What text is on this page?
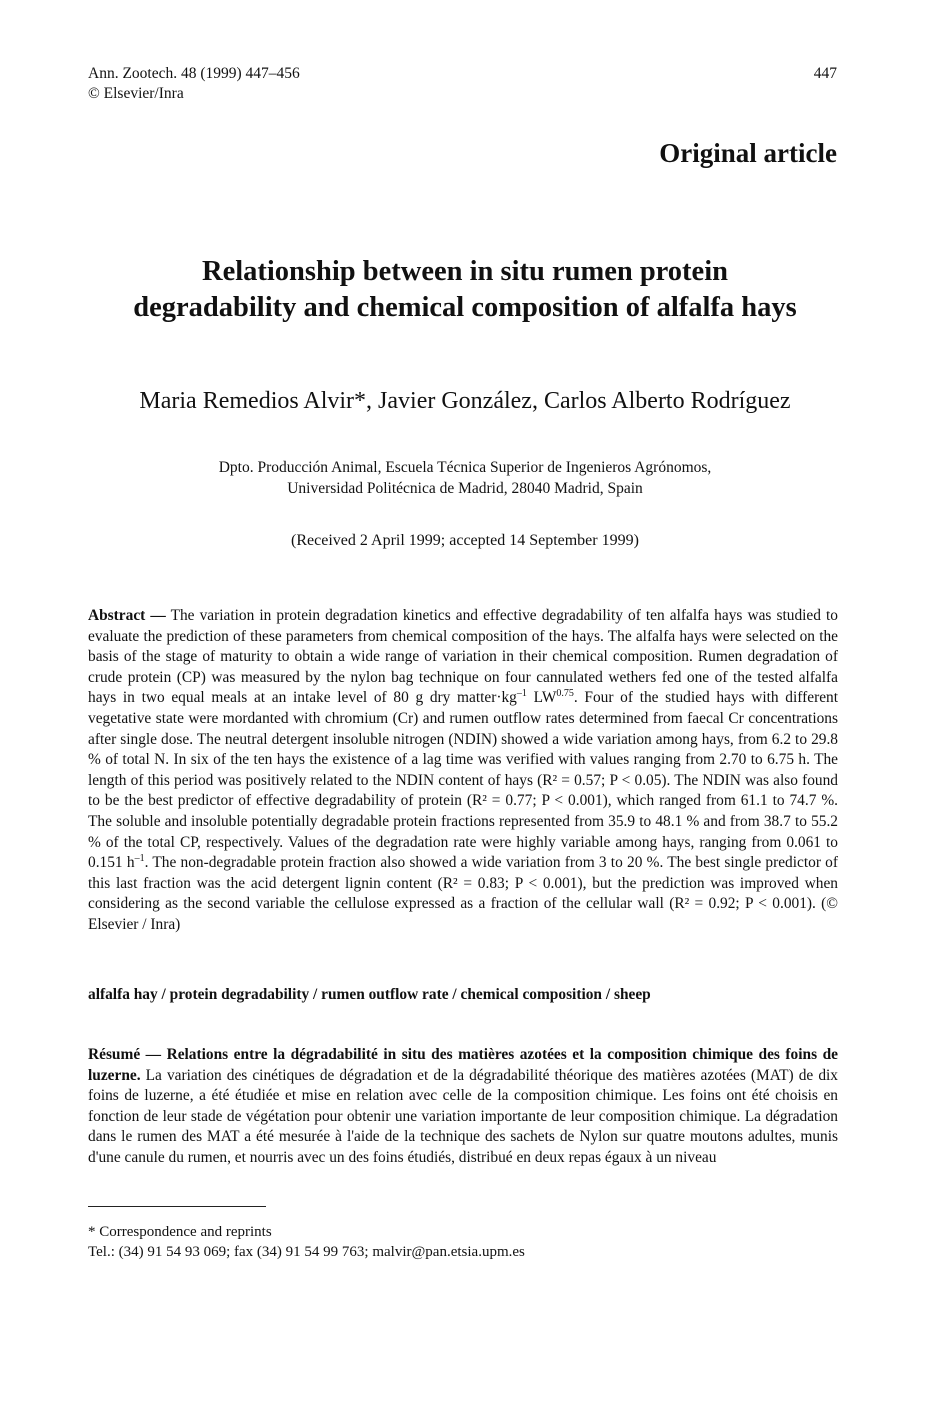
Ann. Zootech. 48 (1999) 447–456
© Elsevier/Inra
447
Original article
Relationship between in situ rumen protein
degradability and chemical composition of alfalfa hays
Maria Remedios Alvir*, Javier González, Carlos Alberto Rodríguez
Dpto. Producción Animal, Escuela Técnica Superior de Ingenieros Agrónomos,
Universidad Politécnica de Madrid, 28040 Madrid, Spain
(Received 2 April 1999; accepted 14 September 1999)
Abstract — The variation in protein degradation kinetics and effective degradability of ten alfalfa hays was studied to evaluate the prediction of these parameters from chemical composition of the hays. The alfalfa hays were selected on the basis of the stage of maturity to obtain a wide range of variation in their chemical composition. Rumen degradation of crude protein (CP) was measured by the nylon bag technique on four cannulated wethers fed one of the tested alfalfa hays in two equal meals at an intake level of 80 g dry $matter\cdot kg^{-1}$ $LW^{0.75}$. Four of the studied hays with different vegetative state were mordanted with chromium (Cr) and rumen outflow rates determined from faecal Cr concentrations after single dose. The neutral detergent insoluble nitrogen (NDIN) showed a wide variation among hays, from 6.2 to 29.8 % of total N. In six of the ten hays the existence of a lag time was verified with values ranging from 2.70 to 6.75 h. The length of this period was positively related to the NDIN content of hays (R² = 0.57; P < 0.05). The NDIN was also found to be the best predictor of effective degradability of protein (R² = 0.77; P < 0.001), which ranged from 61.1 to 74.7 %. The soluble and insoluble potentially degradable protein fractions represented from 35.9 to 48.1 % and from 38.7 to 55.2 % of the total CP, respectively. Values of the degradation rate were highly variable among hays, ranging from 0.061 to 0.151 $h^{-1}$. The non-degradable protein fraction also showed a wide variation from 3 to 20 %. The best single predictor of this last fraction was the acid detergent lignin content (R² = 0.83; P < 0.001), but the prediction was improved when considering as the second variable the cellulose expressed as a fraction of the cellular wall (R² = 0.92; P < 0.001). (© Elsevier / Inra)
alfalfa hay / protein degradability / rumen outflow rate / chemical composition / sheep
Résumé — Relations entre la dégradabilité in situ des matières azotées et la composition chimique des foins de luzerne. La variation des cinétiques de dégradation et de la dégradabilité théorique des matières azotées (MAT) de dix foins de luzerne, a été étudiée et mise en relation avec celle de la composition chimique. Les foins ont été choisis en fonction de leur stade de végétation pour obtenir une variation importante de leur composition chimique. La dégradation dans le rumen des MAT a été mesurée à l'aide de la technique des sachets de Nylon sur quatre moutons adultes, munis d'une canule du rumen, et nourris avec un des foins étudiés, distribué en deux repas égaux à un niveau
* Correspondence and reprints
Tel.: (34) 91 54 93 069; fax (34) 91 54 99 763; malvir@pan.etsia.upm.es
